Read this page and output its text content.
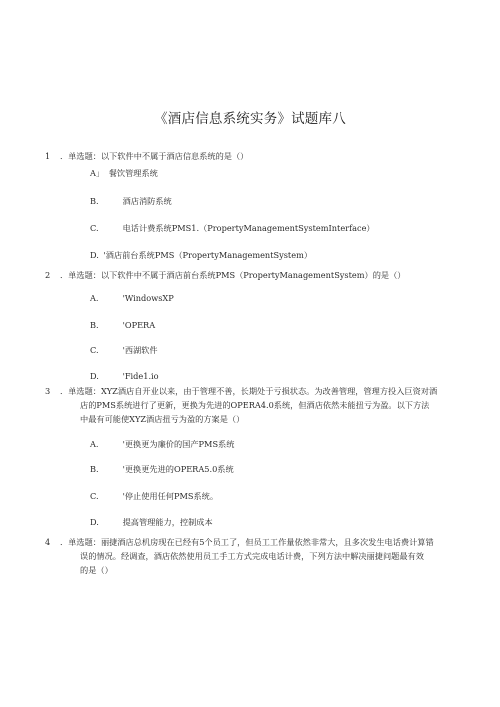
《酒店信息系统实务》试题库八
1 ．单选题：以下软件中不属于酒店信息系统的是（）
A」 餐饮管理系统
B.	酒店消防系统
C.	电话计费系统PMS1.（PropertyManagementSystemInterface）
D. '酒店前台系统PMS（PropertyManagementSystem）
2 ．单选题：以下软件中不属于酒店前台系统PMS（PropertyManagementSystem）的是（）
A.	'WindowsXP
B.	'OPERA
C.	'西湖软件
D.	'Fide1.io
3 ．单选题：XYZ酒店自开业以来，由于管理不善，长期处于亏损状态。为改善管理，管理方投入巨资对酒
店的PMS系统进行了更新，更换为先进的OPERA4.0系统，但酒店依然未能扭亏为盈。以下方法
中最有可能使XYZ酒店扭亏为盈的方案是（）
A.	'更换更为廉价的国产PMS系统
B.	'更换更先进的OPERA5.0系统
C.	'停止使用任何PMS系统。
D.	提高管理能力，控制成本
4 ．单选题：丽捷酒店总机房现在已经有5个员工了，但员工工作量依然非常大，且多次发生电话费计算错
误的情况。经调查，酒店依然使用员工手工方式完成电话计费，下列方法中解决丽捷问题最有效
的是（）
